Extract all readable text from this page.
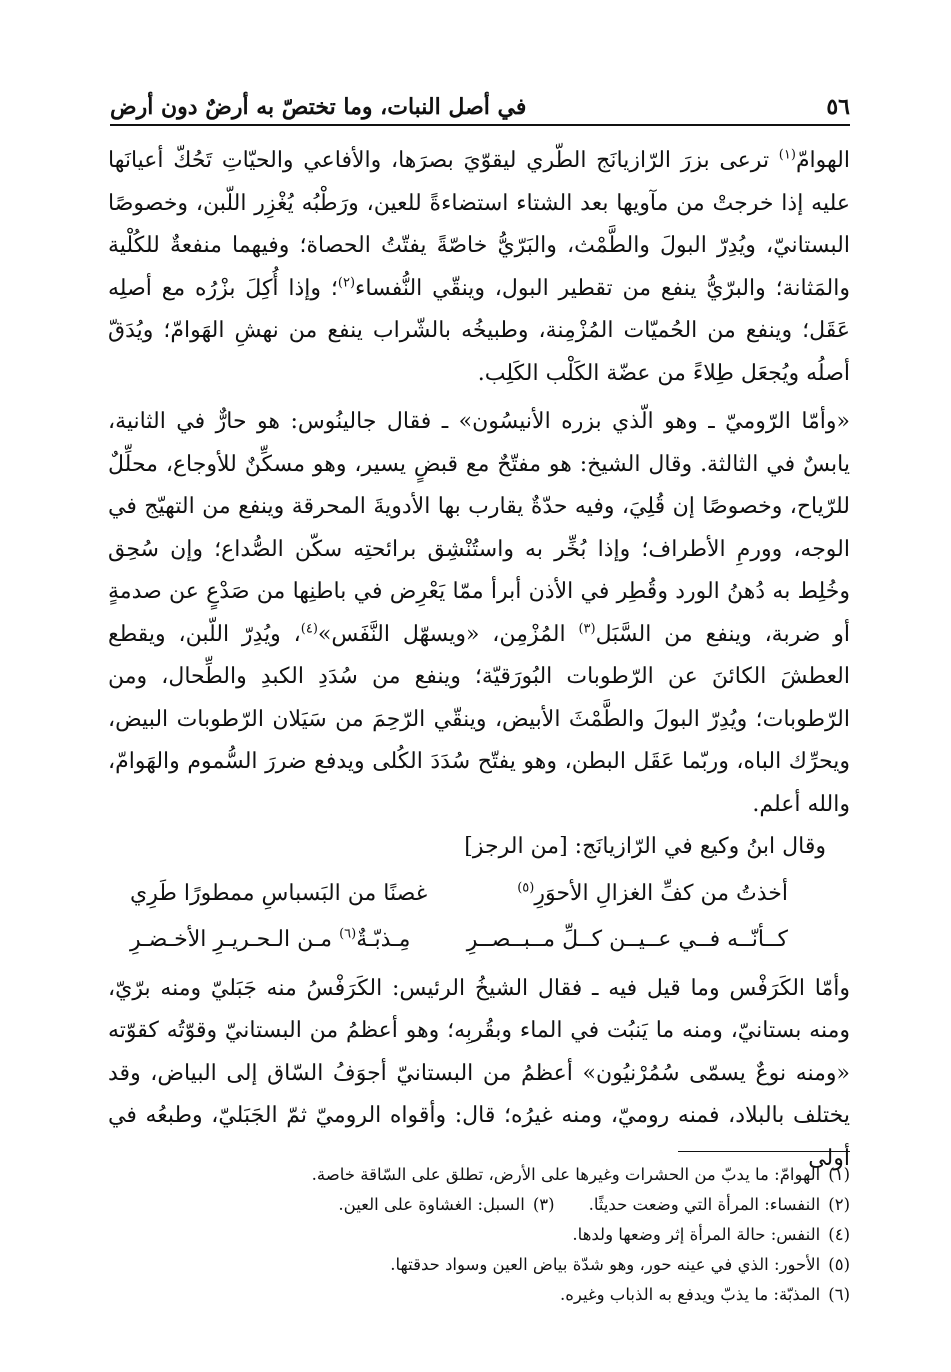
٥٦
في أصل النبات، وما تختصّ به أرضٌ دون أرض

الهوامّ$^{(١)}$ ترعى بزرَ الرّازيانَج الطّري ليقوّيَ بصرَها، والأفاعي والحيّاتِ تَحُكّ أعيانَها عليه إذا خرجتْ من مآويها بعد الشتاء استضاءةً للعين، ورَطْبُه يُغْزِر اللّبن، وخصوصًا البستانيّ، ويُدِرّ البولَ والطَّمْث، والبَرّيُّ خاصّةً يفتّتُ الحصاة؛ وفيهما منفعةٌ للكُلْية والمَثانة؛ والبرّيُّ ينفع من تقطير البول، وينقّي النُّفساء$^{(٢)}$؛ وإذا أُكِلَ بزْرُه مع أصلِه عَقَل؛ وينفع من الحُميّات المُزْمِنة، وطبيخُه بالشّراب ينفع من نهشِ الهَوامّ؛ ويُدَقّ أصلُه ويُجعَل طِلاءً من عضّة الكَلْب الكَلِب.

«وأمّا الرّوميّ ـ وهو الّذي بزره الأنيسُون» ـ فقال جالينُوس: هو حارٌّ في الثانية، يابسٌ في الثالثة. وقال الشيخ: هو مفتّحٌ مع قبضٍ يسير، وهو مسكِّنٌ للأوجاع، محلِّلٌ للرّياح، وخصوصًا إن قُلِيَ، وفيه حدّةٌ يقارب بها الأدويةَ المحرقة وينفع من التهيّج في الوجه، وورمِ الأطراف؛ وإذا بُخِّر به واستُنْشِق برائحتِه سكّن الصُّداع؛ وإن سُحِق وخُلِط به دُهنُ الورد وقُطِر في الأذن أبرأ ممّا يَعْرِض في باطنِها من صَدْعٍ عن صدمةٍ أو ضربة، وينفع من السَّبَل$^{(٣)}$ المُزْمِن، «ويسهّل النَّفَس»$^{(٤)}$، ويُدِرّ اللّبن، ويقطع العطشَ الكائنَ عن الرّطوبات البُورَقيّة؛ وينفع من سُدَدِ الكبدِ والطِّحال، ومن الرّطوبات؛ ويُدِرّ البولَ والطَّمْثَ الأبيض، وينقّي الرّحِمَ من سَيَلان الرّطوبات البيض، ويحرِّك الباه، وربّما عَقَل البطن، وهو يفتّح سُدَدَ الكُلى ويدفع ضررَ السُّموم والهَوامّ، والله أعلم.

وقال ابنُ وكيع في الرّازيانَج: [من الرجز]

أخذتُ من كفِّ الغزالِ الأحوَرِ$^{(٥)}$
غصنًا من البَسباسِ ممطورًا طَرِي
كــأنّــه فــي عــيــن كــلِّ مــبــصــرِ
مِـذبّـةٌ$^{(٦)}$ مـن الـحـريـرِ الأخـضـرِ

وأمّا الكَرَفْس وما قيل فيه ـ فقال الشيخُ الرئيس: الكَرَفْسُ منه جَبَليّ ومنه برّيّ، ومنه بستانيّ، ومنه ما يَنبُت في الماء وبقُربِه؛ وهو أعظمُ من البستانيّ وقوّتُه كقوّته «ومنه نوعٌ يسمّى سُمُرْنيُون» أعظمُ من البستانيّ أجوَفُ السّاق إلى البياض، وقد يختلف بالبلاد، فمنه روميّ، ومنه غيرُه؛ قال: وأقواه الروميّ ثمّ الجَبَليّ، وطبعُه في أولى

(١)الهوامّ: ما يدبّ من الحشرات وغيرها على الأرض، تطلق على السّاقة خاصة.
(٢)النفساء: المرأة التي وضعت حديثًا.(٣)السبل: الغشاوة على العين.
(٤)النفس: حالة المرأة إثر وضعها ولدها.
(٥)الأحور: الذي في عينه حور، وهو شدّة بياض العين وسواد حدقتها.
(٦)المذبّة: ما يذبّ ويدفع به الذباب وغيره.
